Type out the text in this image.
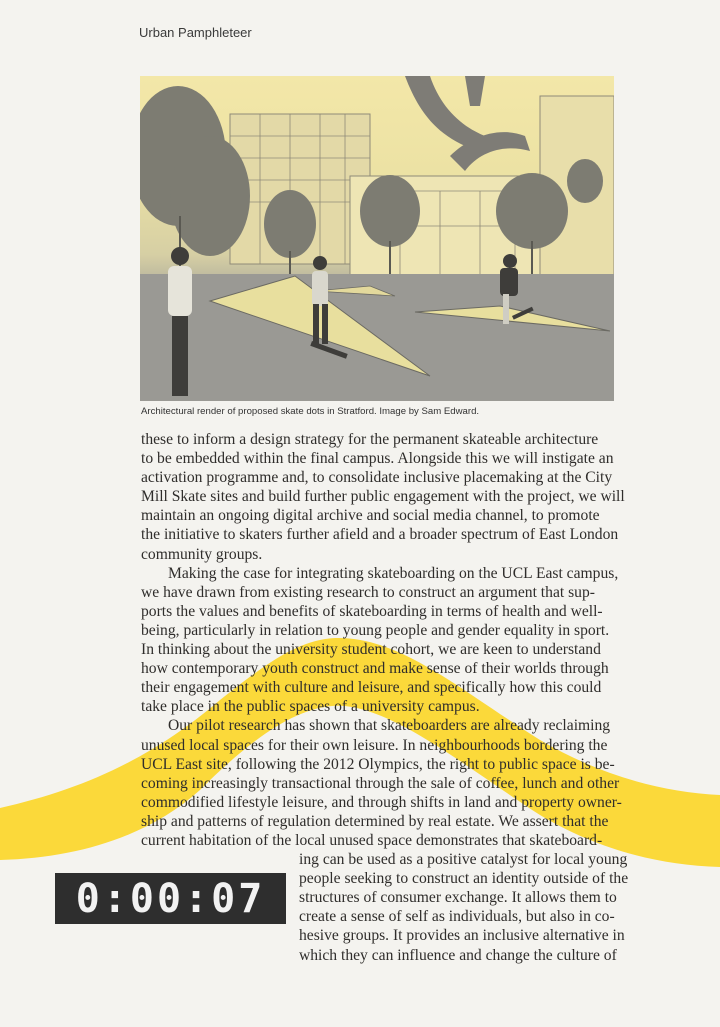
Urban Pamphleteer
Architectural render of proposed skate dots in Stratford. Image by Sam Edward.
these to inform a design strategy for the permanent skateable architecture
to be embedded within the final campus. Alongside this we will instigate an
activation programme and, to consolidate inclusive placemaking at the City
Mill Skate sites and build further public engagement with the project, we will
maintain an ongoing digital archive and social media channel, to promote
the initiative to skaters further afield and a broader spectrum of East London
community groups.
Making the case for integrating skateboarding on the UCL East campus,
we have drawn from existing research to construct an argument that sup-
ports the values and benefits of skateboarding in terms of health and well-
being, particularly in relation to young people and gender equality in sport.
In thinking about the university student cohort, we are keen to understand
how contemporary youth construct and make sense of their worlds through
their engagement with culture and leisure, and specifically how this could
take place in the public spaces of a university campus.
Our pilot research has shown that skateboarders are already reclaiming
unused local spaces for their own leisure. In neighbourhoods bordering the
UCL East site, following the 2012 Olympics, the right to public space is be-
coming increasingly transactional through the sale of coffee, lunch and other
commodified lifestyle leisure, and through shifts in land and property owner-
ship and patterns of regulation determined by real estate. We assert that the
current habitation of the local unused space demonstrates that skateboard-
ing can be used as a positive catalyst for local young
people seeking to construct an identity outside of the
structures of consumer exchange. It allows them to
create a sense of self as individuals, but also in co-
hesive groups. It provides an inclusive alternative in
which they can influence and change the culture of
0:00:07
